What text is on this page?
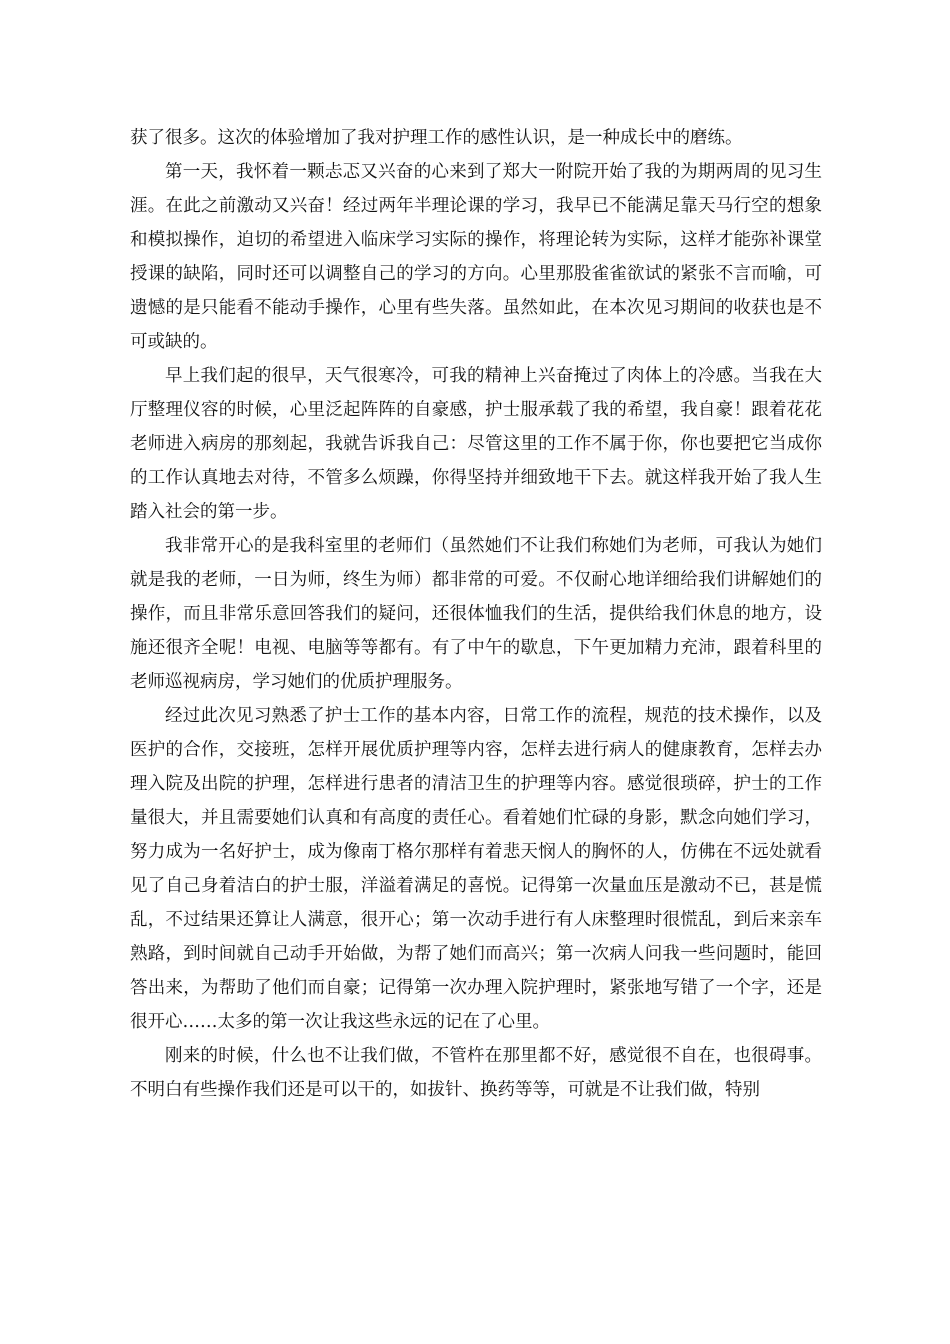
获了很多。这次的体验增加了我对护理工作的感性认识，是一种成长中的磨练。

第一天，我怀着一颗忐忑又兴奋的心来到了郑大一附院开始了我的为期两周的见习生涯。在此之前激动又兴奋！经过两年半理论课的学习，我早已不能满足靠天马行空的想象和模拟操作，迫切的希望进入临床学习实际的操作，将理论转为实际，这样才能弥补课堂授课的缺陷，同时还可以调整自己的学习的方向。心里那股雀雀欲试的紧张不言而喻，可遗憾的是只能看不能动手操作，心里有些失落。虽然如此，在本次见习期间的收获也是不可或缺的。

早上我们起的很早，天气很寒冷，可我的精神上兴奋掩过了肉体上的冷感。当我在大厅整理仪容的时候，心里泛起阵阵的自豪感，护士服承载了我的希望，我自豪！跟着花花老师进入病房的那刻起，我就告诉我自己：尽管这里的工作不属于你，你也要把它当成你的工作认真地去对待，不管多么烦躁，你得坚持并细致地干下去。就这样我开始了我人生踏入社会的第一步。

我非常开心的是我科室里的老师们（虽然她们不让我们称她们为老师，可我认为她们就是我的老师，一日为师，终生为师）都非常的可爱。不仅耐心地详细给我们讲解她们的操作，而且非常乐意回答我们的疑问，还很体恤我们的生活，提供给我们休息的地方，设施还很齐全呢！电视、电脑等等都有。有了中午的歇息，下午更加精力充沛，跟着科里的老师巡视病房，学习她们的优质护理服务。

经过此次见习熟悉了护士工作的基本内容，日常工作的流程，规范的技术操作，以及医护的合作，交接班，怎样开展优质护理等内容，怎样去进行病人的健康教育，怎样去办理入院及出院的护理，怎样进行患者的清洁卫生的护理等内容。感觉很琐碎，护士的工作量很大，并且需要她们认真和有高度的责任心。看着她们忙碌的身影，默念向她们学习，努力成为一名好护士，成为像南丁格尔那样有着悲天悯人的胸怀的人，仿佛在不远处就看见了自己身着洁白的护士服，洋溢着满足的喜悦。记得第一次量血压是激动不已，甚是慌乱，不过结果还算让人满意，很开心；第一次动手进行有人床整理时很慌乱，到后来亲车熟路，到时间就自己动手开始做，为帮了她们而高兴；第一次病人问我一些问题时，能回答出来，为帮助了他们而自豪；记得第一次办理入院护理时，紧张地写错了一个字，还是很开心……太多的第一次让我这些永远的记在了心里。

刚来的时候，什么也不让我们做，不管杵在那里都不好，感觉很不自在，也很碍事。不明白有些操作我们还是可以干的，如拔针、换药等等，可就是不让我们做，特别
